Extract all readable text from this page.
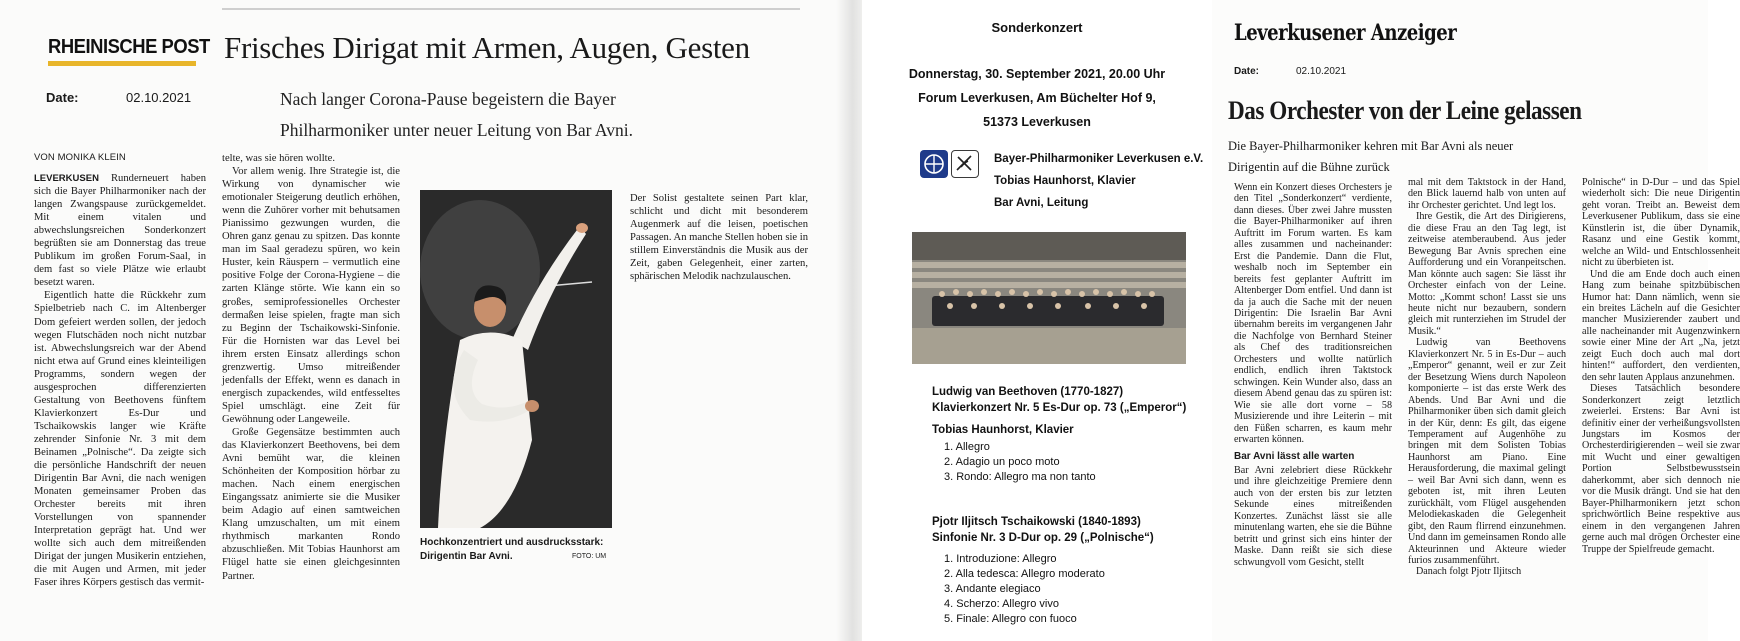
RHEINISCHE POST
Date:	02.10.2021
Frisches Dirigat mit Armen, Augen, Gesten
Nach langer Corona-Pause begeistern die Bayer Philharmoniker unter neuer Leitung von Bar Avni.
VON MONIKA KLEIN

LEVERKUSEN Runderneuert haben sich die Bayer Philharmoniker nach der langen Zwangspause zurückgemeldet. Mit einem vitalen und abwechslungsreichen Sonderkonzert begrüßten sie am Donnerstag das treue Publikum im großen Forum-Saal, in dem fast so viele Plätze wie erlaubt besetzt waren.

Eigentlich hatte die Rückkehr zum Spielbetrieb nach C. im Altenberger Dom gefeiert werden sollen, der jedoch wegen Flutschäden noch nicht nutzbar ist. Abwechslungsreich war der Abend nicht etwa auf Grund eines kleinteiligen Programms, sondern wegen der ausgesprochen differenzierten Gestaltung von Beethovens fünftem Klavierkonzert Es-Dur und Tschaikowskis langer wie Kräfte zehrender Sinfonie Nr. 3 mit dem Beinamen „Polnische“. Da zeigte sich die persönliche Handschrift der neuen Dirigentin Bar Avni, die nach wenigen Monaten gemeinsamer Proben das Orchester bereits mit ihren Vorstellungen von spannender Interpretation geprägt hat. Und wer wollte sich auch dem mitreißenden Dirigat der jungen Musikerin entziehen, die mit Augen und Armen, mit jeder Faser ihres Körpers gestisch das vermit-

telte, was sie hören wollte.

Vor allem wenig. Ihre Strategie ist, die Wirkung von dynamischer wie emotionaler Steigerung deutlich erhöhen, wenn die Zuhörer vorher mit behutsamen Pianissimo gezwungen wurden, die Ohren ganz genau zu spitzen. Das konnte man im Saal geradezu spüren, wo kein Huster, kein Räuspern – vermutlich eine positive Folge der Corona-Hygiene – die zarten Klänge störte. Wie kann ein so großes, semiprofessionelles Orchester dermaßen leise spielen, fragte man sich zu Beginn der Tschaikowski-Sinfonie. Für die Hornisten war das Level bei ihrem ersten Einsatz allerdings schon grenzwertig. Umso mitreißender jedenfalls der Effekt, wenn es danach in energisch zupackendes, wild entfesseltes Spiel umschlägt. eine Zeit für Gewöhnung oder Langeweile.

Große Gegensätze bestimmten auch das Klavierkonzert Beethovens, bei dem Avni bemüht war, die kleinen Schönheiten der Komposition hörbar zu machen. Nach einem energischen Eingangssatz animierte sie die Musiker beim Adagio auf einen samtweichen Klang umzuschalten, um mit einem rhythmisch markanten Rondo abzuschließen. Mit Tobias Haunhorst am Flügel hatte sie einen gleichgesinnten Partner.

Hochkonzentriert und ausdrucksstark: Dirigentin Bar Avni.	FOTO: UM

Der Solist gestaltete seinen Part klar, schlicht und dicht mit besonderem Augenmerk auf die leisen, poetischen Passagen. An manche Stellen hoben sie in stillem Einverständnis die Musik aus der Zeit, gaben Gelegenheit, einer zarten, sphärischen Melodik nachzulauschen.

Sonderkonzert
Donnerstag, 30. September 2021, 20.00 Uhr
Forum Leverkusen, Am Büchelter Hof 9,
51373 Leverkusen
Bayer-Philharmoniker Leverkusen e.V.
Tobias Haunhorst, Klavier
Bar Avni, Leitung
Ludwig van Beethoven (1770-1827)
Klavierkonzert Nr. 5 Es-Dur op. 73 („Emperor“)
Tobias Haunhorst, Klavier
1. Allegro
2. Adagio un poco moto
3. Rondo: Allegro ma non tanto
Pjotr Iljitsch Tschaikowski (1840-1893)
Sinfonie Nr. 3 D-Dur op. 29 („Polnische“)
1. Introduzione: Allegro
2. Alla tedesca: Allegro moderato
3. Andante elegiaco
4. Scherzo: Allegro vivo
5. Finale: Allegro con fuoco
Leverkusener Anzeiger
Date:	02.10.2021
Das Orchester von der Leine gelassen
Die Bayer-Philharmoniker kehren mit Bar Avni als neuer Dirigentin auf die Bühne zurück

Wenn ein Konzert dieses Orchesters je den Titel „Sonderkonzert“ verdiente, dann dieses. Über zwei Jahre mussten die Bayer-Philharmoniker auf ihren Auftritt im Forum warten. Es kam alles zusammen und nacheinander: Erst die Pandemie. Dann die Flut, weshalb noch im September ein bereits fest geplanter Auftritt im Altenberger Dom entfiel. Und dann ist da ja auch die Sache mit der neuen Dirigentin: Die Israelin Bar Avni übernahm bereits im vergangenen Jahr die Nachfolge von Bernhard Steiner als Chef des traditionsreichen Orchesters und wollte natürlich endlich, endlich ihren Taktstock schwingen. Kein Wunder also, dass an diesem Abend genau das zu spüren ist: Wie sie alle dort vorne – 58 Musizierende und ihre Leiterin – mit den Füßen scharren, es kaum mehr erwarten können.

Bar Avni lässt alle warten

Bar Avni zelebriert diese Rückkehr und ihre gleichzeitige Premiere denn auch von der ersten bis zur letzten Sekunde eines mitreißenden Konzertes. Zunächst lässt sie alle minutenlang warten, ehe sie die Bühne betritt und grinst sich eins hinter der Maske. Dann reißt sie sich diese schwungvoll vom Gesicht, stellt

mal mit dem Taktstock in der Hand, den Blick lauernd halb von unten auf ihr Orchester gerichtet. Und legt los.

Ihre Gestik, die Art des Dirigierens, die diese Frau an den Tag legt, ist zeitweise atemberaubend. Aus jeder Bewegung Bar Avnis sprechen eine Aufforderung und ein Voranpeitschen. Man könnte auch sagen: Sie lässt ihr Orchester einfach von der Leine. Motto: „Kommt schon! Lasst sie uns heute nicht nur bezaubern, sondern gleich mit runterziehen im Strudel der Musik.“

Ludwig van Beethovens Klavierkonzert Nr. 5 in Es-Dur – auch „Emperor“ genannt, weil er zur Zeit der Besetzung Wiens durch Napoleon komponierte – ist das erste Werk des Abends. Und Bar Avni und die Philharmoniker üben sich damit gleich in der Kür, denn: Es gilt, das eigene Temperament auf Augenhöhe zu bringen mit dem Solisten Tobias Haunhorst am Piano. Eine Herausforderung, die maximal gelingt – weil Bar Avni sich dann, wenn es geboten ist, mit ihren Leuten zurückhält, vom Flügel ausgehenden Melodiekaskaden die Gelegenheit gibt, den Raum flirrend einzunehmen. Und dann im gemeinsamen Rondo alle Akteurinnen und Akteure wieder furios zusammenführt.

Danach folgt Pjotr Iljitsch

Polnische“ in D-Dur – und das Spiel wiederholt sich: Die neue Dirigentin geht voran. Treibt an. Beweist dem Leverkusener Publikum, dass sie eine Künstlerin ist, die über Dynamik, Rasanz und eine Gestik kommt, welche an Wild- und Entschlossenheit nicht zu überbieten ist.

Und die am Ende doch auch einen Hang zum beinahe spitzbübischen Humor hat: Dann nämlich, wenn sie ein breites Lächeln auf die Gesichter mancher Musizierender zaubert und alle nacheinander mit Augenzwinkern sowie einer Mine der Art „Na, jetzt zeigt Euch doch auch mal dort hinten!“ auffordert, den verdienten, den sehr lauten Applaus anzunehmen.

Dieses Tatsächlich besondere Sonderkonzert zeigt letztlich zweierlei. Erstens: Bar Avni ist definitiv einer der verheißungsvollsten Jungstars im Kosmos der Orchesterdirigierenden – weil sie zwar mit Wucht und einer gewaltigen Portion Selbstbewusstsein daherkommt, aber sich dennoch nie vor die Musik drängt. Und sie hat den Bayer-Philharmonikern jetzt schon sprichwörtlich Beine respektive aus einem in den vergangenen Jahren gerne auch mal drögen Orchester eine Truppe der Spielfreude gemacht.
